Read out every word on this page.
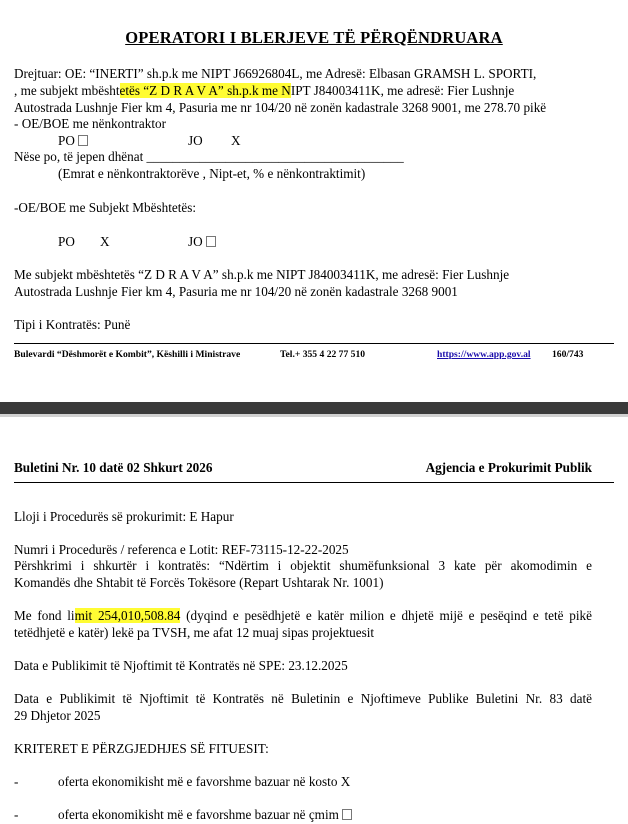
OPERATORI I BLERJEVE TË PËRQËNDRUARA
Drejtuar: OE: “INERTI” sh.p.k me NIPT J66926804L, me Adresë: Elbasan GRAMSH L. SPORTI,
, me subjekt mbështetës “Z D R A V A” sh.p.k me NIPT J84003411K, me adresë: Fier Lushnje
Autostrada Lushnje Fier km 4, Pasuria me nr 104/20 në zonën kadastrale 3268 9001, me 278.70 pikë
- OE/BOE me nënkontraktor
PO	JO X
Nëse po, të jepen dhënat _______________________________________
(Emrat e nënkontraktorëve , Nipt-et, % e nënkontraktimit)
-OE/BOE me Subjekt Mbështetës:
PO X	JO
Me subjekt mbështetës “Z D R A V A” sh.p.k me NIPT J84003411K, me adresë: Fier Lushnje
Autostrada Lushnje Fier km 4, Pasuria me nr 104/20 në zonën kadastrale 3268 9001
Tipi i Kontratës: Punë
Bulevardi “Dëshmorët e Kombit”, Këshilli i Ministrave	Tel.+ 355 4 22 77 510	https://www.app.gov.al 160/743
Buletini Nr. 10 datë 02 Shkurt 2026	Agjencia e Prokurimit Publik
Lloji i Procedurës së prokurimit: E Hapur
Numri i Procedurës / referenca e Lotit: REF-73115-12-22-2025
Përshkrimi i shkurtër i kontratës: “Ndërtim i objektit shumëfunksional 3 kate për akomodimin e
Komandës dhe Shtabit të Forcës Tokësore (Repart Ushtarak Nr. 1001)
Me fond limit 254,010,508.84 (dyqind e pesëdhjetë e katër milion e dhjetë mijë e pesëqind e tetë pikë
tetëdhjetë e katër) lekë pa TVSH, me afat 12 muaj sipas projektuesit
Data e Publikimit të Njoftimit të Kontratës në SPE: 23.12.2025
Data e Publikimit të Njoftimit të Kontratës në Buletinin e Njoftimeve Publike Buletini Nr. 83 datë
29 Dhjetor 2025
KRITERET E PËRZGJEDHJES SË FITUESIT:
-	oferta ekonomikisht më e favorshme bazuar në kosto X
-	oferta ekonomikisht më e favorshme bazuar në çmim
